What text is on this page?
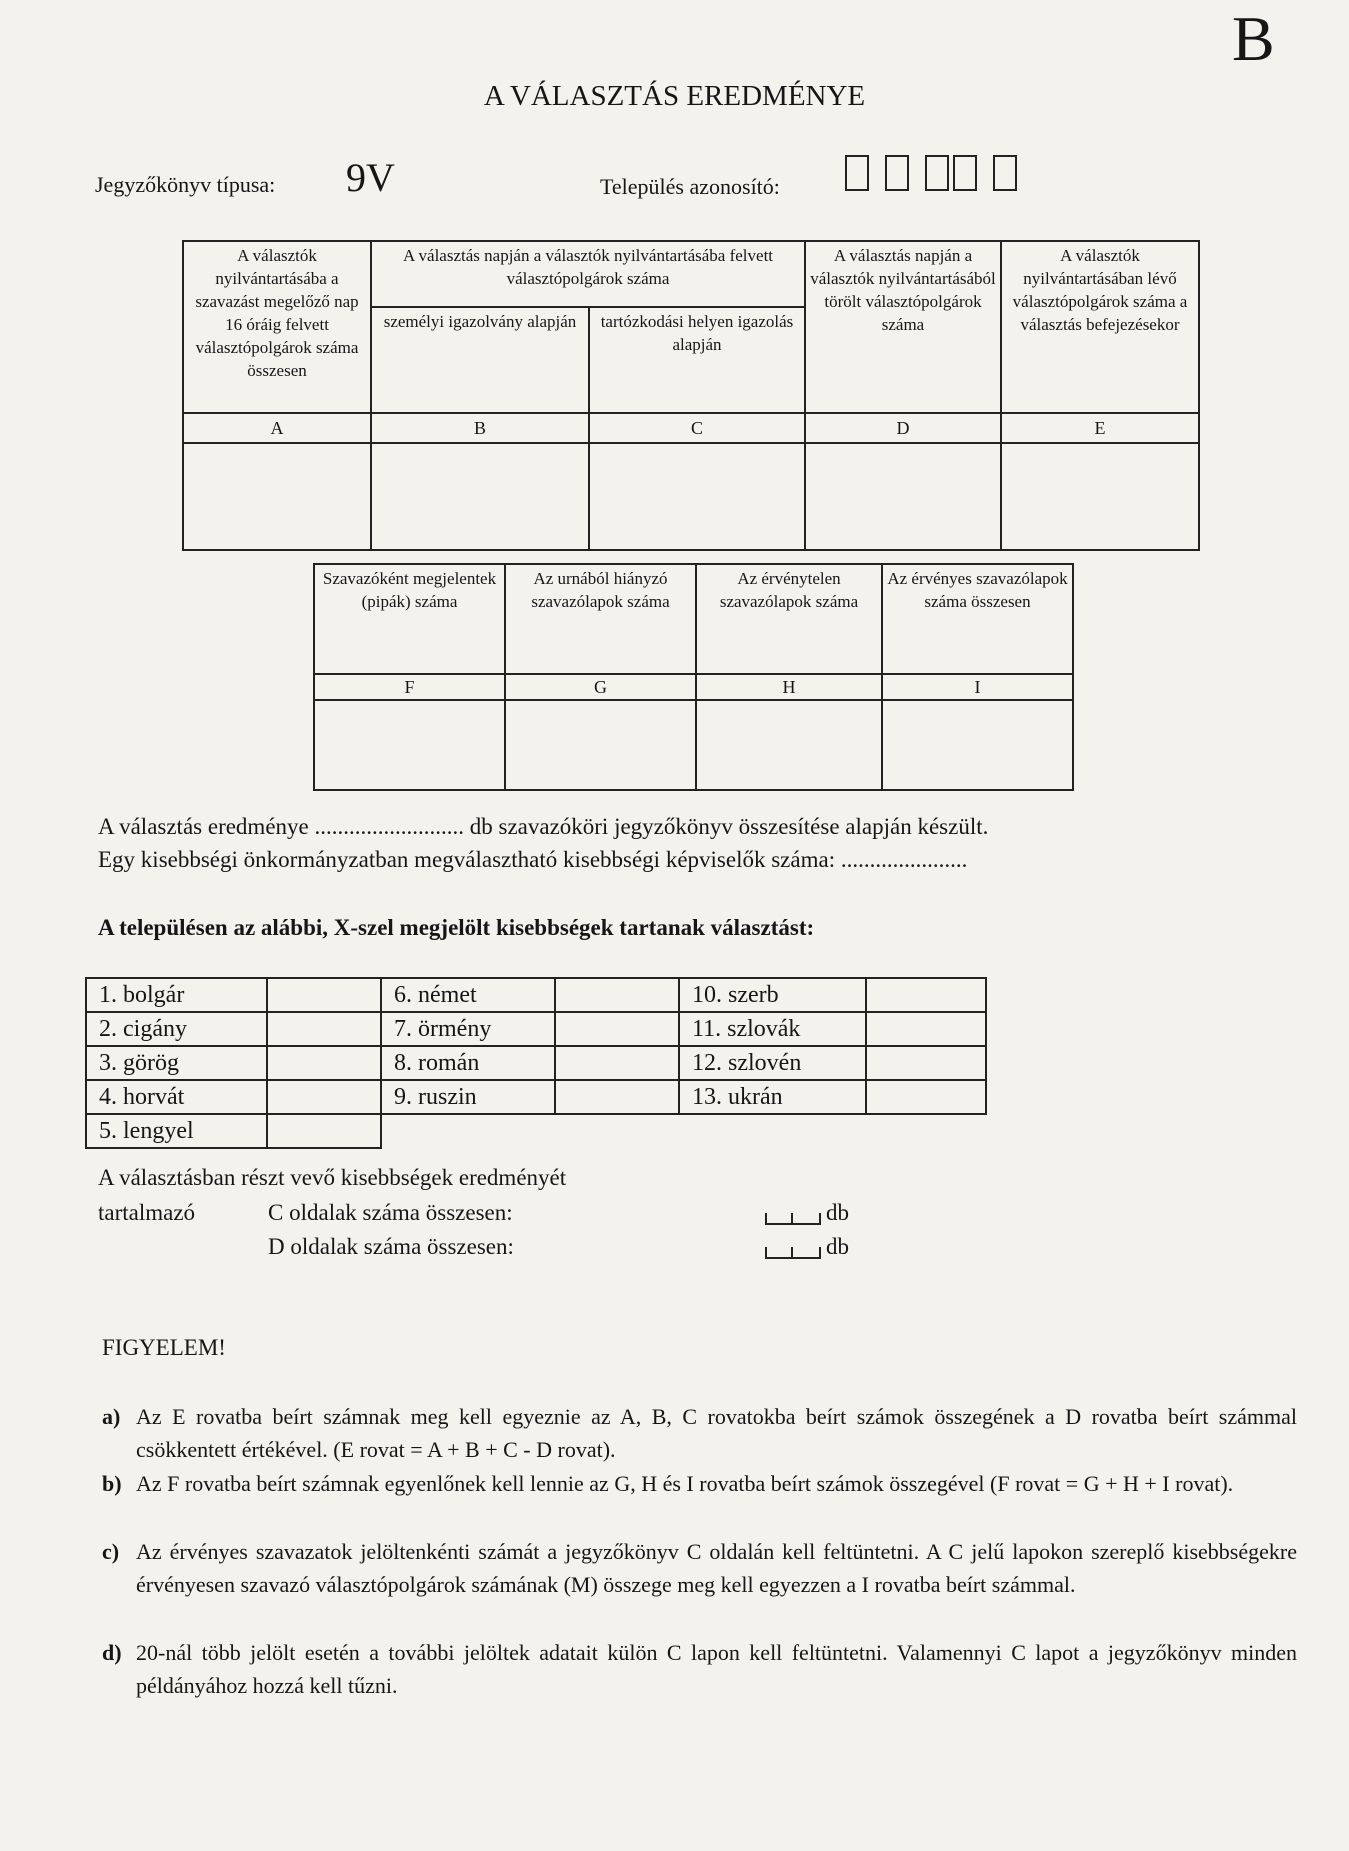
B
A VÁLASZTÁS EREDMÉNYE
Jegyzőkönyv típusa: 9V	Település azonosító:
A választók nyilvántartásába a szavazást megelőző nap 16 óráig felvett választópolgárok száma összesen	A választás napján a választók nyilvántartásába felvett választópolgárok száma		A választás napján a választók nyilvántartásából törölt választópolgárok száma	A választók nyilvántartásában lévő választópolgárok száma a választás befejezésekor
	személyi igazolvány alapján	tartózkodási helyen igazolás alapján		
A	B	C	D	E

Szavazóként megjelentek (pipák) száma	Az urnából hiányzó szavazólapok száma	Az érvénytelen szavazólapok száma	Az érvényes szavazólapok száma összesen
F	G	H	I

A választás eredménye .......................... db szavazóköri jegyzőkönyv összesítése alapján készült.
Egy kisebbségi önkormányzatban megválasztható kisebbségi képviselők száma: ......................
A településen az alábbi, X-szel megjelölt kisebbségek tartanak választást:
1. bolgár		6. német		10. szerb	
2. cigány		7. örmény		11. szlovák	
3. görög		8. román		12. szlovén	
4. horvát		9. ruszin		13. ukrán	
5. lengyel					
A választásban részt vevő kisebbségek eredményét
tartalmazó	C oldalak száma összesen:	db
D oldalak száma összesen:	db
FIGYELEM!
a) Az E rovatba beírt számnak meg kell egyeznie az A, B, C rovatokba beírt számok összegének a D rovatba beírt számmal csökkentett értékével. (E rovat = A + B + C - D rovat).
b) Az F rovatba beírt számnak egyenlőnek kell lennie az G, H és I rovatba beírt számok összegével (F rovat = G + H + I rovat).
c) Az érvényes szavazatok jelöltenkénti számát a jegyzőkönyv C oldalán kell feltüntetni. A C jelű lapokon szereplő kisebbségekre érvényesen szavazó választópolgárok számának (M) összege meg kell egyezzen a I rovatba beírt számmal.
d) 20-nál több jelölt esetén a további jelöltek adatait külön C lapon kell feltüntetni. Valamennyi C lapot a jegyzőkönyv minden példányához hozzá kell tűzni.
